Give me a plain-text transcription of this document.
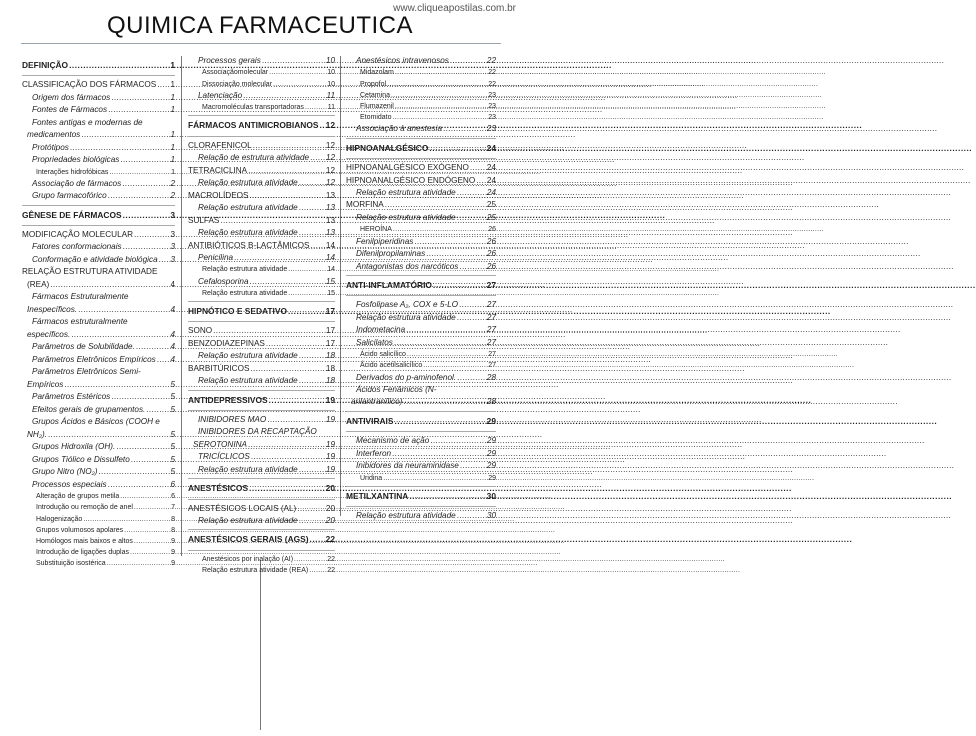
www.cliqueapostilas.com.br
QUIMICA FARMACEUTICA
DEFINIÇÃO .....	1
CLASSIFICAÇÃO DOS FÁRMACOS ..... 1
Origem dos fármacos .....	1
Fontes de Fármacos .....	1
Fontes antigas e modernas de
medicamentos .....	1
Protótipos .....	1
Propriedades biológicas .....	1
Interações hidrofóbicas .....	1
Associação de fármacos .....	2
Grupo farmacofórico .....	2
GÊNESE DE FÁRMACOS .....	3
MODIFICAÇÃO MOLECULAR .....	3
Fatores conformacionais .....	3
Conformação e atividade biológica ..... 3
RELAÇÃO ESTRUTURA ATIVIDADE
(REA) .....	4
Fármacos Estruturalmente
Inespecíficos. .....	4
Fármacos estruturalmente
específicos. .....	4
Parâmetros de Solubilidade. .....	4
Parâmetros Eletrônicos Empíricos ..... 4
Parâmetros Eletrônicos Semi-
Empíricos .....	5
Parâmetros Estéricos .....	5
Efeitos gerais de grupamentos. .....	5
Grupos Ácidos e Básicos (COOH e
NH₂). .....	5
Grupos Hidroxila (OH). .....	5
Grupos Tiólico e Dissulfeto .....	5
Grupo Nitro (NO₂) .....	5
Processos especiais .....	6
Alteração de grupos metila .....	6
Introdução ou remoção de anel .....	7
Halogenização .....	8
Grupos volumosos apolares .....	8
Homólogos mais baixos e altos .....	9
Introdução de ligações duplas .....	9
Substituição isostérica .....	9
Processos gerais .....	10
Associaçãomolecular .....	10
Dissociação molecular .....	10
Latenciação .....	11
Macromoléculas transportadoras .....	11
FÁRMACOS ANTIMICROBIANOS ..... 12
CLORAFENICOL .....	12
Relação de estrutura atividade ..... 12
TETRACICLINA .....	12
Relação estrutura atividade .....	12
MACROLÍDEOS .....	13
Relação estrutura atividade .....	13
SULFAS .....	13
Relação estrutura atividade .....	13
ANTIBIÓTICOS B-LACTÂMICOS ..... 14
Penicilina .....	14
Relação estrutura atividade .....	14
Cefalosporina .....	15
Relação estrutura atividade .....	15
HIPNÓTICO E SEDATIVO .....	17
SONO .....	17
BENZODIAZEPINAS .....	17
Relação estrutura atividade .....	18
BARBITÚRICOS .....	18
Relação estrutura atividade .....	18
ANTIDEPRESSIVOS .....	19
INIBIDORES MAO .....	19
INIBIDORES DA RECAPTAÇÃO
SEROTONINA .....	19
TRICÍCLICOS .....	19
Relação estrutura atividade .....	19
ANESTÉSICOS .....	20
ANESTÉSICOS LOCAIS (AL) .....	20
Relação estrutura atividade .....	20
ANESTÉSICOS GERAIS (AGS) ..... 22
Anestésicos por inalação (AI) .....	22
Relação estrutura atividade (REA) .....	22
Anestésicos intravenosos .....	22
Midazolam .....	22
Propofol .....	22
Cetamina .....	23
Flumazenil .....	23
Etomidato .....	23
Associação à anestesia .....	23
HIPNOANALGÉSICO .....	24
HIPNOANALGÉSICO EXÓGENO ..... 24
HIPNOANALGÉSICO ENDÓGENO ..... 24
Relação estrutura atividade .....	24
MORFINA .....	25
Relação estrutura atividade .....	25
HEROÍNA .....	26
Fenilpiperidinas .....	26
Difenilpropilaminas .....	26
Antagonistas dos narcóticos .....	26
ANTI-INFLAMATÓRIO .....	27
Fosfolipase A₂, COX e 5-LO .....	27
Relação estrutura atividade .....	27
Indometacina .....	27
Salicilatos .....	27
Ácido salicílico .....	27
Ácido acetilsalicílico .....	27
Derivados do p-aminofenol. .....	28
Ácidos Fenâmicos (N-
arilantranílico) .....	28
ANTIVIRAIS .....	29
Mecanismo de ação .....	29
Interferon .....	29
Inibidores da neuraminidase .....	29
Uridina .....	29
METILXANTINA .....	30
Relação estrutura atividade .....	30
